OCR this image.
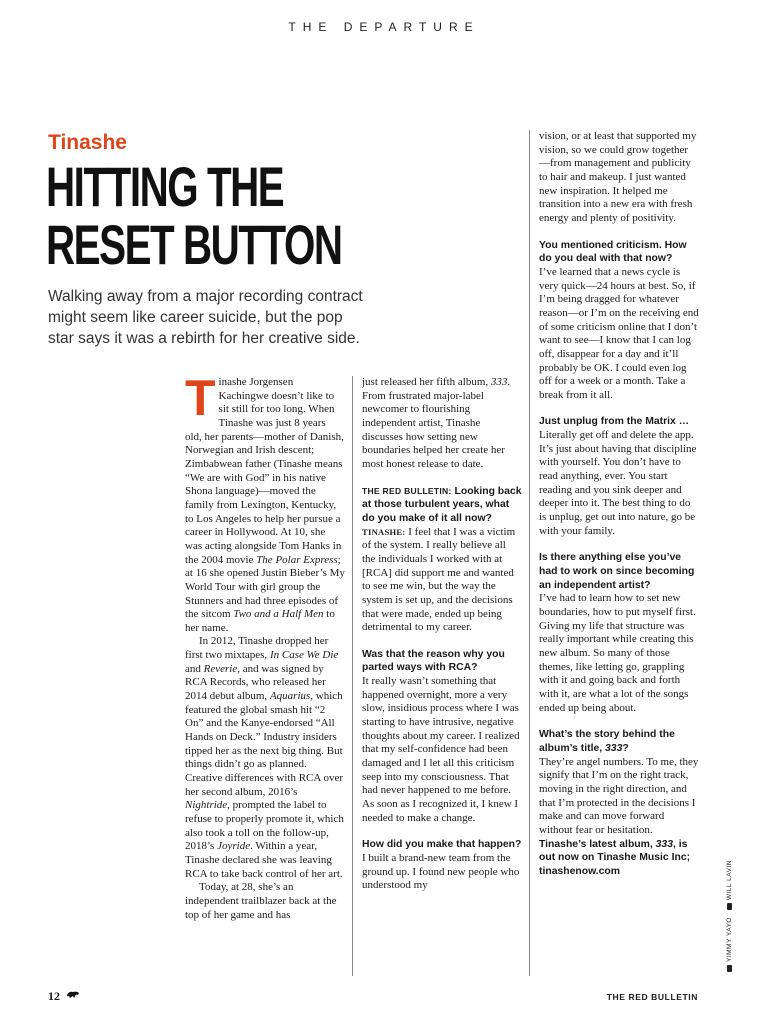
THE DEPARTURE
Tinashe
HITTING THE
RESET BUTTON
Walking away from a major recording contract might seem like career suicide, but the pop star says it was a rebirth for her creative side.

Tinashe Jorgensen Kachingwe doesn’t like to sit still for too long. When Tinashe was just 8 years old, her parents—mother of Danish, Norwegian and Irish descent; Zimbabwean father (Tinashe means “We are with God” in his native Shona language)—moved the family from Lexington, Kentucky, to Los Angeles to help her pursue a career in Hollywood. At 10, she was acting alongside Tom Hanks in the 2004 movie The Polar Express; at 16 she opened Justin Bieber’s My World Tour with girl group the Stunners and had three episodes of the sitcom Two and a Half Men to her name.

In 2012, Tinashe dropped her first two mixtapes, In Case We Die and Reverie, and was signed by RCA Records, who released her 2014 debut album, Aquarius, which featured the global smash hit “2 On” and the Kanye-endorsed “All Hands on Deck.” Industry insiders tipped her as the next big thing. But things didn’t go as planned. Creative differences with RCA over her second album, 2016’s Nightride, prompted the label to refuse to properly promote it, which also took a toll on the follow-up, 2018’s Joyride. Within a year, Tinashe declared she was leaving RCA to take back control of her art.

Today, at 28, she’s an independent trailblazer back at the top of her game and has

just released her fifth album, 333. From frustrated major-label newcomer to flourishing independent artist, Tinashe discusses how setting new boundaries helped her create her most honest release to date.

THE RED BULLETIN: Looking back at those turbulent years, what do you make of it all now?

TINASHE: I feel that I was a victim of the system. I really believe all the individuals I worked with at [RCA] did support me and wanted to see me win, but the way the system is set up, and the decisions that were made, ended up being detrimental to my career.

Was that the reason why you parted ways with RCA?

It really wasn’t something that happened overnight, more a very slow, insidious process where I was starting to have intrusive, negative thoughts about my career. I realized that my self-confidence had been damaged and I let all this criticism seep into my consciousness. That had never happened to me before. As soon as I recognized it, I knew I needed to make a change.

How did you make that happen?

I built a brand-new team from the ground up. I found new people who understood my

vision, or at least that supported my vision, so we could grow together—from management and publicity to hair and makeup. I just wanted new inspiration. It helped me transition into a new era with fresh energy and plenty of positivity.

You mentioned criticism. How do you deal with that now?

I’ve learned that a news cycle is very quick—24 hours at best. So, if I’m being dragged for whatever reason—or I’m on the receiving end of some criticism online that I don’t want to see—I know that I can log off, disappear for a day and it’ll probably be OK. I could even log off for a week or a month. Take a break from it all.

Just unplug from the Matrix …

Literally get off and delete the app. It’s just about having that discipline with yourself. You don’t have to read anything, ever. You start reading and you sink deeper and deeper into it. The best thing to do is unplug, get out into nature, go be with your family.

Is there anything else you’ve had to work on since becoming an independent artist?

I’ve had to learn how to set new boundaries, how to put myself first. Giving my life that structure was really important while creating this new album. So many of those themes, like letting go, grappling with it and going back and forth with it, are what a lot of the songs ended up being about.

What’s the story behind the album’s title, 333?

They’re angel numbers. To me, they signify that I’m on the right track, moving in the right direction, and that I’m protected in the decisions I make and can move forward without fear or hesitation.

Tinashe’s latest album, 333, is out now on Tinashe Music Inc; tinashenow.com

YIMMY YAYO   WILL LAVIN
12	THE RED BULLETIN
